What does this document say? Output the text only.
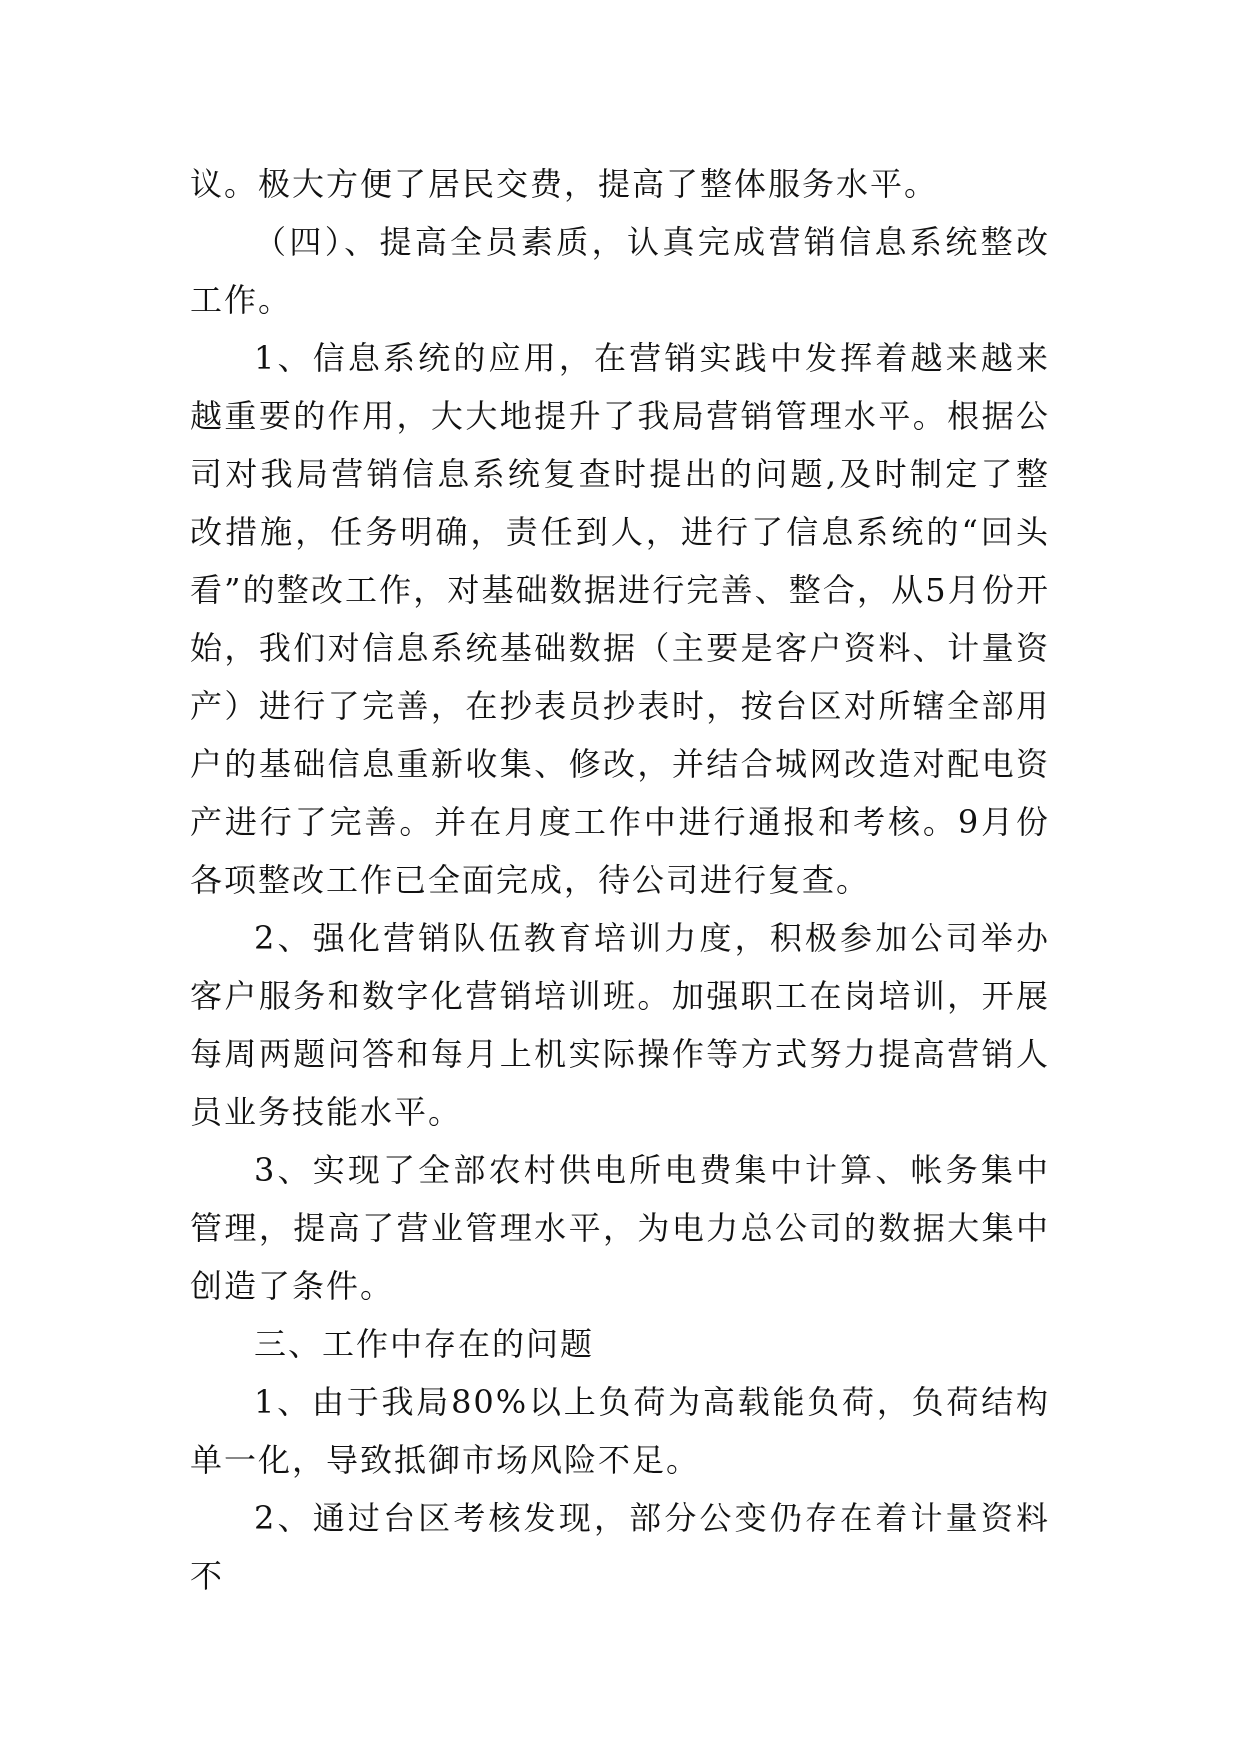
议。极大方便了居民交费，提高了整体服务水平。

（四）、提高全员素质，认真完成营销信息系统整改工作。

1、信息系统的应用，在营销实践中发挥着越来越来越重要的作用，大大地提升了我局营销管理水平。根据公司对我局营销信息系统复查时提出的问题,及时制定了整改措施，任务明确，责任到人，进行了信息系统的“回头看”的整改工作，对基础数据进行完善、整合，从5月份开始，我们对信息系统基础数据（主要是客户资料、计量资产）进行了完善，在抄表员抄表时，按台区对所辖全部用户的基础信息重新收集、修改，并结合城网改造对配电资产进行了完善。并在月度工作中进行通报和考核。9月份各项整改工作已全面完成，待公司进行复查。

2、强化营销队伍教育培训力度，积极参加公司举办客户服务和数字化营销培训班。加强职工在岗培训，开展每周两题问答和每月上机实际操作等方式努力提高营销人员业务技能水平。

3、实现了全部农村供电所电费集中计算、帐务集中管理，提高了营业管理水平，为电力总公司的数据大集中创造了条件。

三、工作中存在的问题

1、由于我局80%以上负荷为高载能负荷，负荷结构单一化，导致抵御市场风险不足。

2、通过台区考核发现，部分公变仍存在着计量资料不
